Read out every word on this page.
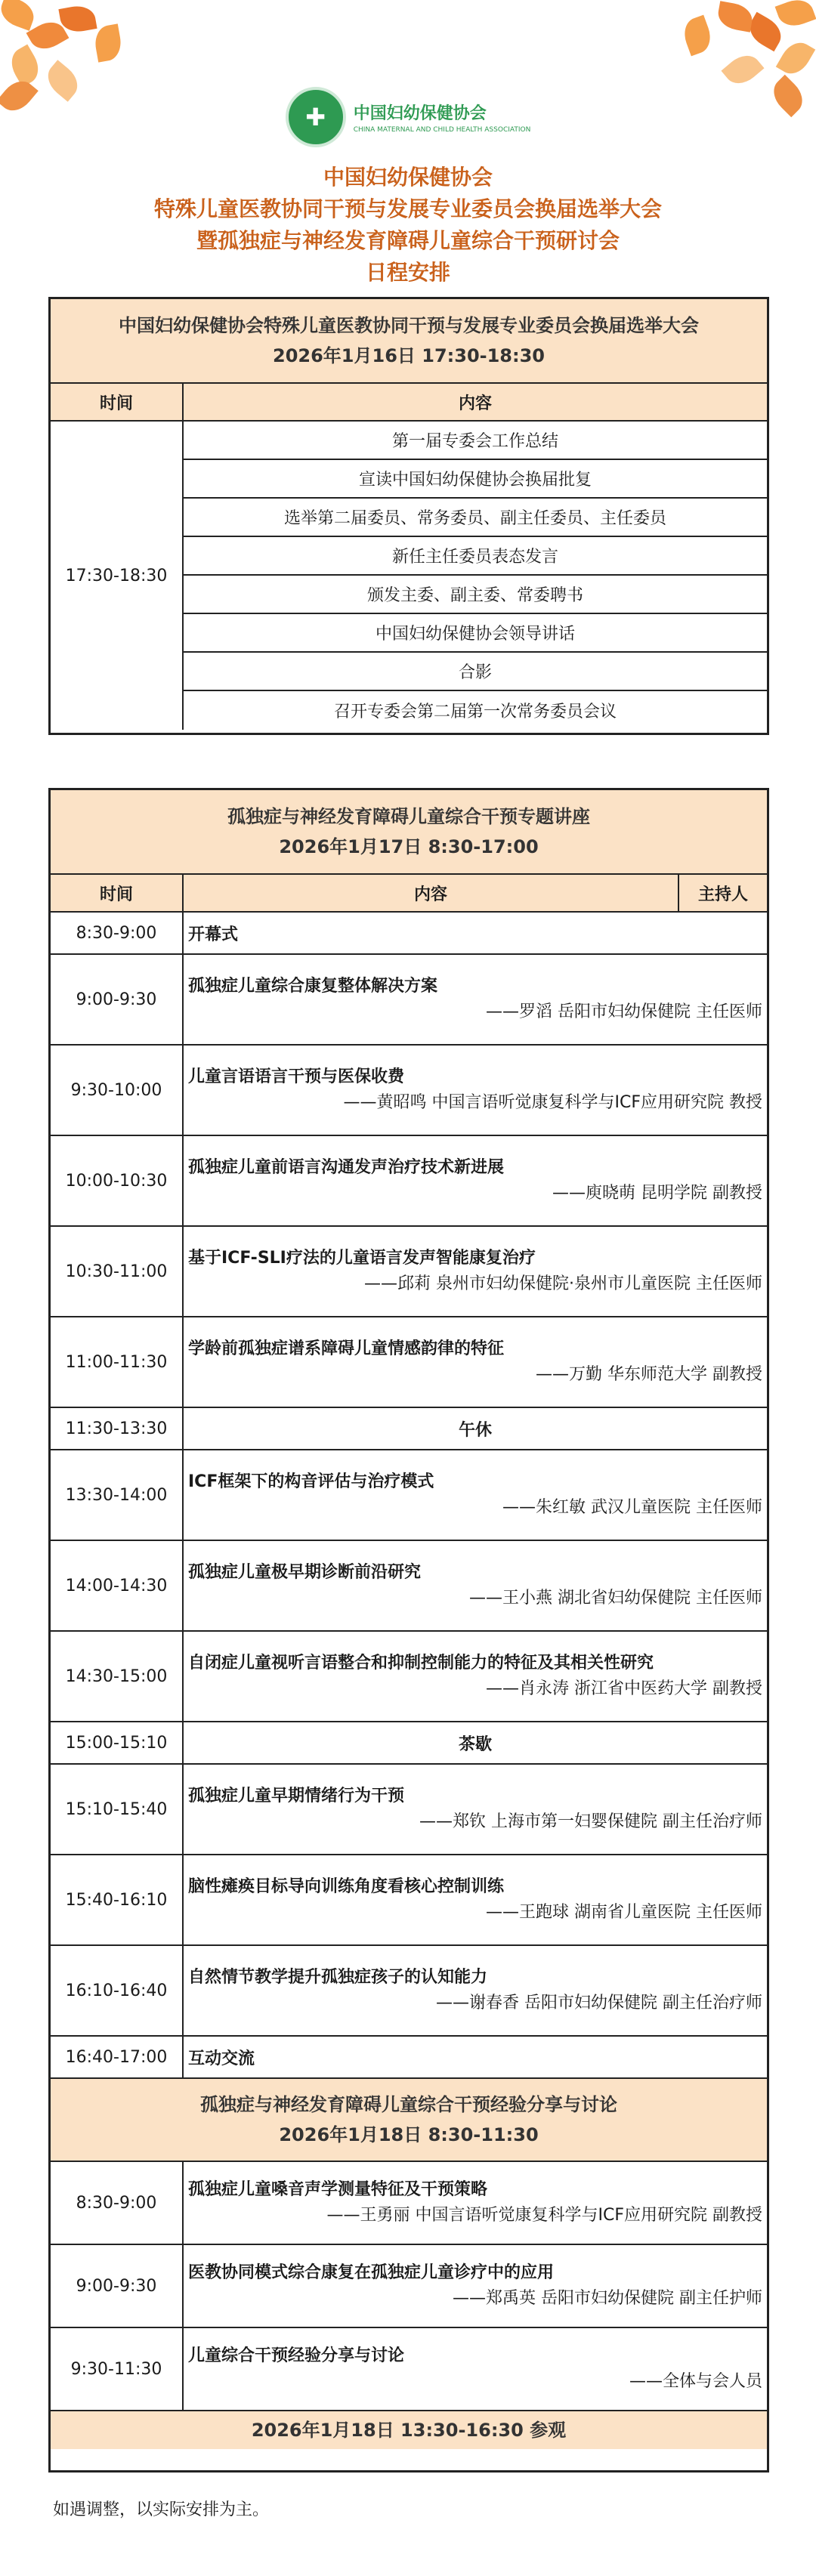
✚	中国妇幼保健协会
CHINA MATERNAL AND CHILD HEALTH ASSOCIATION
中国妇幼保健协会
特殊儿童医教协同干预与发展专业委员会换届选举大会
暨孤独症与神经发育障碍儿童综合干预研讨会
日程安排
中国妇幼保健协会特殊儿童医教协同干预与发展专业委员会换届选举大会
2026年1月16日 17:30-18:30
时间	内容
17:30-18:30
第一届专委会工作总结
宣读中国妇幼保健协会换届批复
选举第二届委员、常务委员、副主任委员、主任委员
新任主任委员表态发言
颁发主委、副主委、常委聘书
中国妇幼保健协会领导讲话
合影
召开专委会第二届第一次常务委员会议
孤独症与神经发育障碍儿童综合干预专题讲座
2026年1月17日 8:30-17:00
时间	内容	主持人
8:30-9:00	开幕式
9:00-9:30
孤独症儿童综合康复整体解决方案
——罗滔 岳阳市妇幼保健院 主任医师
9:30-10:00
儿童言语语言干预与医保收费
——黄昭鸣 中国言语听觉康复科学与ICF应用研究院 教授
10:00-10:30
孤独症儿童前语言沟通发声治疗技术新进展
——庾晓萌 昆明学院 副教授
10:30-11:00
基于ICF-SLI疗法的儿童语言发声智能康复治疗
——邱莉 泉州市妇幼保健院·泉州市儿童医院 主任医师
11:00-11:30
学龄前孤独症谱系障碍儿童情感韵律的特征
——万勤 华东师范大学 副教授
11:30-13:30	午休
13:30-14:00
ICF框架下的构音评估与治疗模式
——朱红敏 武汉儿童医院 主任医师
14:00-14:30
孤独症儿童极早期诊断前沿研究
——王小燕 湖北省妇幼保健院 主任医师
14:30-15:00
自闭症儿童视听言语整合和抑制控制能力的特征及其相关性研究
——肖永涛 浙江省中医药大学 副教授
15:00-15:10	茶歇
15:10-15:40
孤独症儿童早期情绪行为干预
——郑钦 上海市第一妇婴保健院 副主任治疗师
15:40-16:10
脑性瘫痪目标导向训练角度看核心控制训练
——王跑球 湖南省儿童医院 主任医师
16:10-16:40
自然情节教学提升孤独症孩子的认知能力
——谢春香 岳阳市妇幼保健院 副主任治疗师
16:40-17:00	互动交流
孤独症与神经发育障碍儿童综合干预经验分享与讨论
2026年1月18日 8:30-11:30
8:30-9:00
孤独症儿童嗓音声学测量特征及干预策略
——王勇丽 中国言语听觉康复科学与ICF应用研究院 副教授
9:00-9:30
医教协同模式综合康复在孤独症儿童诊疗中的应用
——郑禹英 岳阳市妇幼保健院 副主任护师
9:30-11:30
儿童综合干预经验分享与讨论
——全体与会人员
2026年1月18日 13:30-16:30 参观
如遇调整，以实际安排为主。
